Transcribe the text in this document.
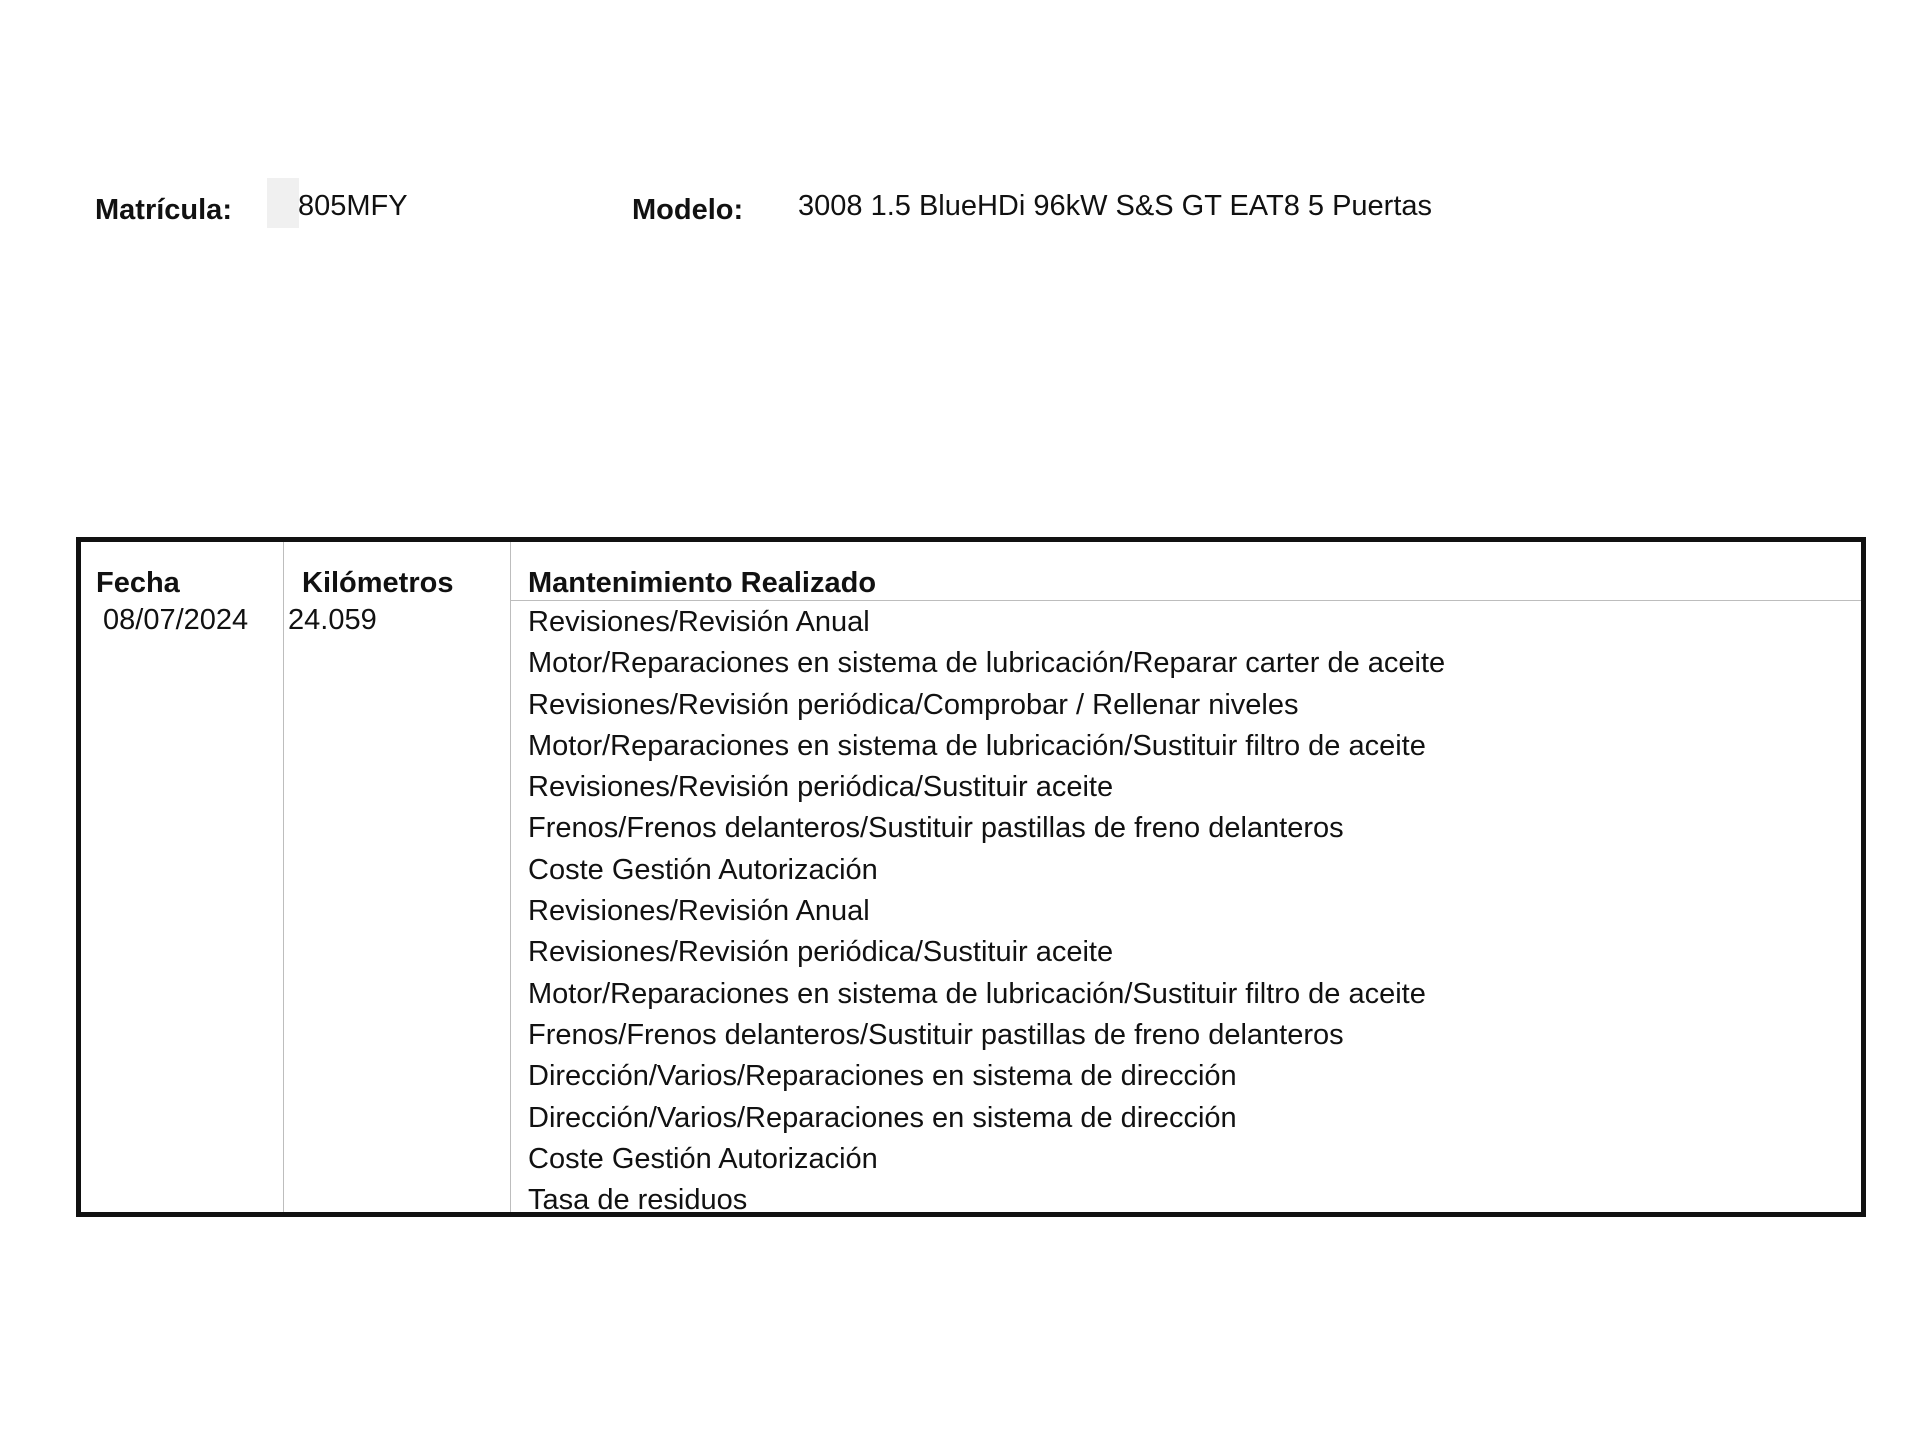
Matrícula: 805MFY	Modelo: 3008 1.5 BlueHDi 96kW S&S GT EAT8 5 Puertas
Fecha	Kilómetros	Mantenimiento Realizado
08/07/2024 24.059	Revisiones/Revisión Anual
Motor/Reparaciones en sistema de lubricación/Reparar carter de aceite
Revisiones/Revisión periódica/Comprobar / Rellenar niveles
Motor/Reparaciones en sistema de lubricación/Sustituir filtro de aceite
Revisiones/Revisión periódica/Sustituir aceite
Frenos/Frenos delanteros/Sustituir pastillas de freno delanteros
Coste Gestión Autorización
Revisiones/Revisión Anual
Revisiones/Revisión periódica/Sustituir aceite
Motor/Reparaciones en sistema de lubricación/Sustituir filtro de aceite
Frenos/Frenos delanteros/Sustituir pastillas de freno delanteros
Dirección/Varios/Reparaciones en sistema de dirección
Dirección/Varios/Reparaciones en sistema de dirección
Coste Gestión Autorización
Tasa de residuos
